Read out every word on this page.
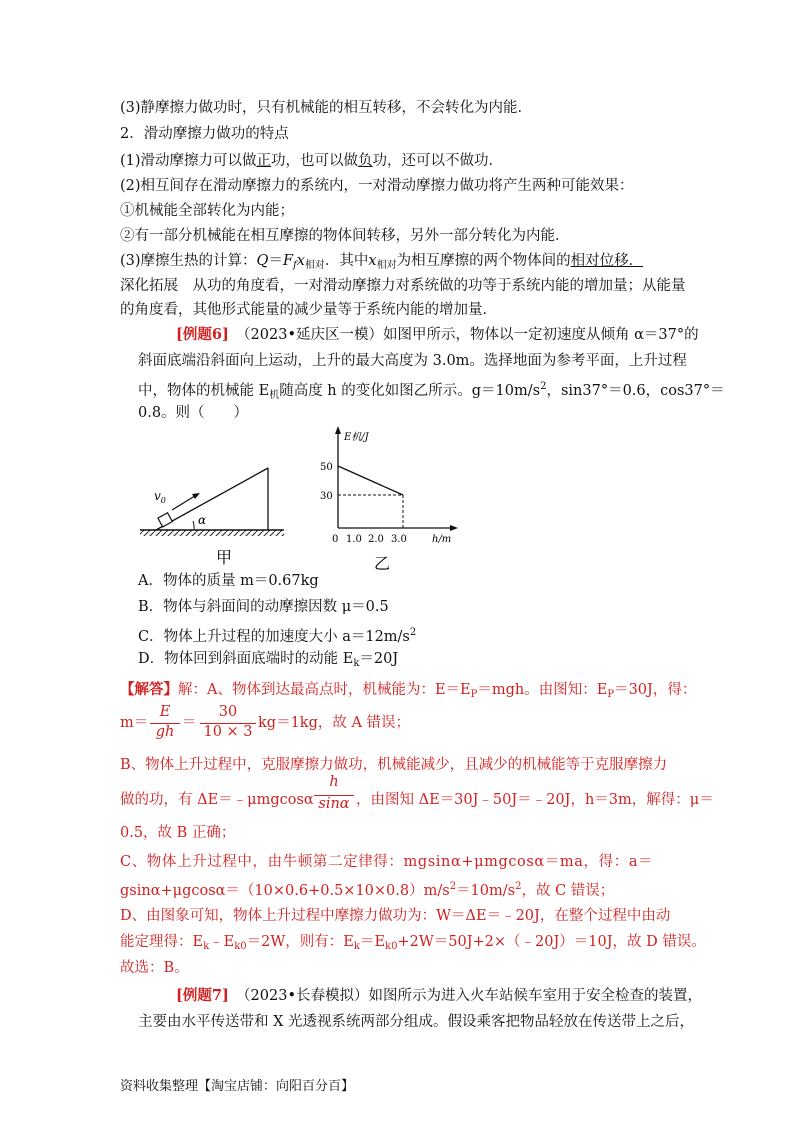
(3)静摩擦力做功时，只有机械能的相互转移，不会转化为内能．
2．滑动摩擦力做功的特点
(1)滑动摩擦力可以做正功，也可以做负功，还可以不做功．
(2)相互间存在滑动摩擦力的系统内，一对滑动摩擦力做功将产生两种可能效果：
①机械能全部转化为内能；
②有一部分机械能在相互摩擦的物体间转移，另外一部分转化为内能．
(3)摩擦生热的计算：$Q=F_fx_{相对}$．其中$x_{相对}$为相互摩擦的两个物体间的相对位移．
深化拓展　从功的角度看，一对滑动摩擦力对系统做的功等于系统内能的增加量；从能量
的角度看，其他形式能量的减少量等于系统内能的增加量．
[例题6]　（2023•延庆区一模）如图甲所示，物体以一定初速度从倾角 α＝37°的
斜面底端沿斜面向上运动，上升的最大高度为 3.0m。选择地面为参考平面，上升过程
中，物体的机械能 $E_机$随高度 h 的变化如图乙所示。$g=10m/s^2$，sin37°＝0.6，cos37°＝
0.8。则（　　）
$v_0$
α
甲
E机/J
50
30
0 1.0 2.0 3.0	h/m
乙
A．物体的质量 m＝0.67kg
B．物体与斜面间的动摩擦因数 μ＝0.5
C．物体上升过程的加速度大小 $a=12m/s^2$
D．物体回到斜面底端时的动能 $E_k=20J$
【解答】解：A、物体到达最高点时，机械能为：$E=E_P=mgh$。由图知：$E_P=30J$，得：
m＝
E
gh
＝
30
10 × 3
kg＝1kg，故 A 错误；
B、物体上升过程中，克服摩擦力做功，机械能减少，且减少的机械能等于克服摩擦力
做的功，有 ΔE＝﹣μmgcosα
h
sinα ，由图知 ΔE＝30J﹣50J＝﹣20J，h＝3m，解得：μ＝
0.5，故 B 正确；
C、物体上升过程中，由牛顿第二定律得：mgsinα+μmgcosα＝ma，得：a＝
$gsin\alpha+\mu gcos\alpha=(10\times 0.6+0.5\times 10\times 0.8)m/s^2=10m/s^2$，故 C 错误；
D、由图象可知，物体上升过程中摩擦力做功为：W＝ΔE＝﹣20J，在整个过程中由动
能定理得：$E_k﹣E_{k0}=2W$，则有：$E_k=E_{k0}+2W=50J+2\times(﹣20J)=10J$，故 D 错误。
故选：B。
[例题7]　（2023•长春模拟）如图所示为进入火车站候车室用于安全检查的装置，
主要由水平传送带和 X 光透视系统两部分组成。假设乘客把物品轻放在传送带上之后，
资料收集整理【淘宝店铺：向阳百分百】
